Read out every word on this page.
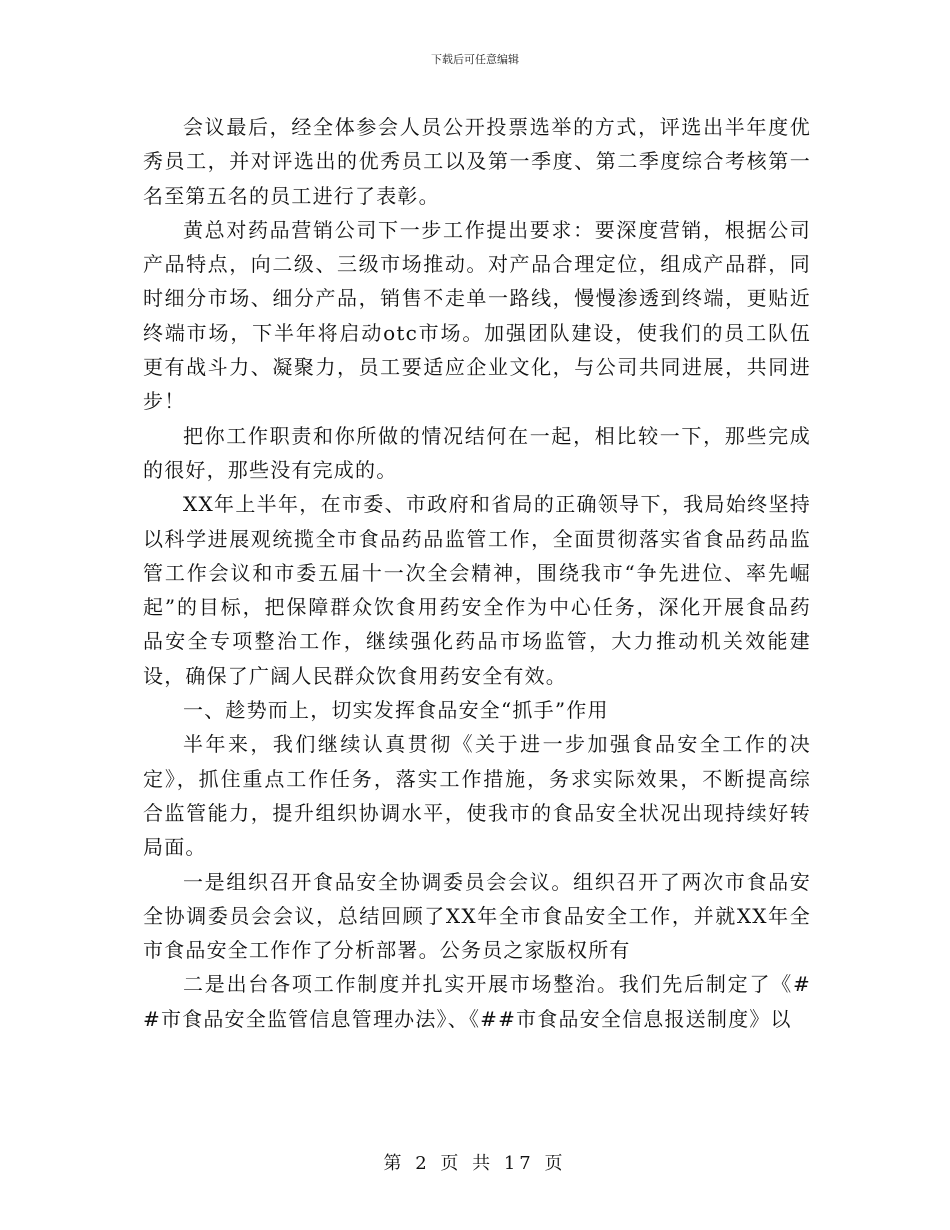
下载后可任意编辑

会议最后，经全体参会人员公开投票选举的方式，评选出半年度优秀员工，并对评选出的优秀员工以及第一季度、第二季度综合考核第一名至第五名的员工进行了表彰。

黄总对药品营销公司下一步工作提出要求：要深度营销，根据公司产品特点，向二级、三级市场推动。对产品合理定位，组成产品群，同时细分市场、细分产品，销售不走单一路线，慢慢渗透到终端，更贴近终端市场，下半年将启动otc市场。加强团队建设，使我们的员工队伍更有战斗力、凝聚力，员工要适应企业文化，与公司共同进展，共同进步！

把你工作职责和你所做的情况结何在一起，相比较一下，那些完成的很好，那些没有完成的。

XX年上半年，在市委、市政府和省局的正确领导下，我局始终坚持以科学进展观统揽全市食品药品监管工作，全面贯彻落实省食品药品监管工作会议和市委五届十一次全会精神，围绕我市“争先进位、率先崛起”的目标，把保障群众饮食用药安全作为中心任务，深化开展食品药品安全专项整治工作，继续强化药品市场监管，大力推动机关效能建设，确保了广阔人民群众饮食用药安全有效。

一、趁势而上，切实发挥食品安全“抓手”作用

半年来，我们继续认真贯彻《关于进一步加强食品安全工作的决定》，抓住重点工作任务，落实工作措施，务求实际效果，不断提高综合监管能力，提升组织协调水平，使我市的食品安全状况出现持续好转局面。

一是组织召开食品安全协调委员会会议。组织召开了两次市食品安全协调委员会会议，总结回顾了XX年全市食品安全工作，并就XX年全市食品安全工作作了分析部署。公务员之家版权所有

二是出台各项工作制度并扎实开展市场整治。我们先后制定了《##市食品安全监管信息管理办法》、《##市食品安全信息报送制度》以

第 2 页 共 17 页
